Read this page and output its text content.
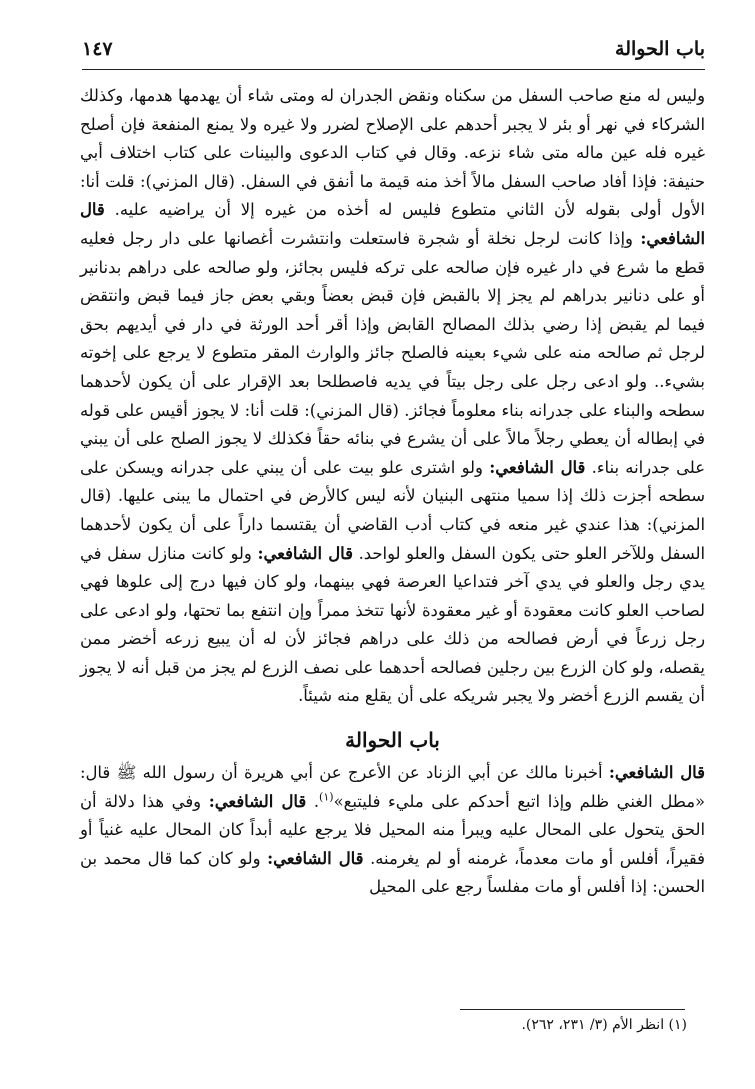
باب الحوالة
١٤٧

وليس له منع صاحب السفل من سكناه ونقض الجدران له ومتى شاء أن يهدمها هدمها، وكذلك الشركاء في نهر أو بئر لا يجبر أحدهم على الإصلاح لضرر ولا غيره ولا يمنع المنفعة فإن أصلح غيره فله عين ماله متى شاء نزعه. وقال في كتاب الدعوى والبينات على كتاب اختلاف أبي حنيفة: فإذا أفاد صاحب السفل مالاً أخذ منه قيمة ما أنفق في السفل. (قال المزني): قلت أنا: الأول أولى بقوله لأن الثاني متطوع فليس له أخذه من غيره إلا أن يراضيه عليه. قال الشافعي: وإذا كانت لرجل نخلة أو شجرة فاستعلت وانتشرت أغصانها على دار رجل فعليه قطع ما شرع في دار غيره فإن صالحه على تركه فليس بجائز، ولو صالحه على دراهم بدنانير أو على دنانير بدراهم لم يجز إلا بالقبض فإن قبض بعضاً وبقي بعض جاز فيما قبض وانتقض فيما لم يقبض إذا رضي بذلك المصالح القابض وإذا أقر أحد الورثة في دار في أيديهم بحق لرجل ثم صالحه منه على شيء بعينه فالصلح جائز والوارث المقر متطوع لا يرجع على إخوته بشيء.. ولو ادعى رجل على رجل بيتاً في يديه فاصطلحا بعد الإقرار على أن يكون لأحدهما سطحه والبناء على جدرانه بناء معلوماً فجائز. (قال المزني): قلت أنا: لا يجوز أقيس على قوله في إبطاله أن يعطي رجلاً مالاً على أن يشرع في بنائه حقاً فكذلك لا يجوز الصلح على أن يبني على جدرانه بناء. قال الشافعي: ولو اشترى علو بيت على أن يبني على جدرانه ويسكن على سطحه أجزت ذلك إذا سميا منتهى البنيان لأنه ليس كالأرض في احتمال ما يبنى عليها. (قال المزني): هذا عندي غير منعه في كتاب أدب القاضي أن يقتسما داراً على أن يكون لأحدهما السفل وللآخر العلو حتى يكون السفل والعلو لواحد. قال الشافعي: ولو كانت منازل سفل في يدي رجل والعلو في يدي آخر فتداعيا العرصة فهي بينهما، ولو كان فيها درج إلى علوها فهي لصاحب العلو كانت معقودة أو غير معقودة لأنها تتخذ ممراً وإن انتفع بما تحتها، ولو ادعى على رجل زرعاً في أرض فصالحه من ذلك على دراهم فجائز لأن له أن يبيع زرعه أخضر ممن يقصله، ولو كان الزرع بين رجلين فصالحه أحدهما على نصف الزرع لم يجز من قبل أنه لا يجوز أن يقسم الزرع أخضر ولا يجبر شريكه على أن يقلع منه شيئاً.

باب الحوالة

قال الشافعي: أخبرنا مالك عن أبي الزناد عن الأعرج عن أبي هريرة أن رسول الله ﷺ قال: «مطل الغني ظلم وإذا اتبع أحدكم على مليء فليتبع»$^{(١)}$. قال الشافعي: وفي هذا دلالة أن الحق يتحول على المحال عليه ويبرأ منه المحيل فلا يرجع عليه أبداً كان المحال عليه غنياً أو فقيراً، أفلس أو مات معدماً، غرمنه أو لم يغرمنه. قال الشافعي: ولو كان كما قال محمد بن الحسن: إذا أفلس أو مات مفلساً رجع على المحيل

(١) انظر الأم (٣/ ٢٣١، ٢٦٢).
